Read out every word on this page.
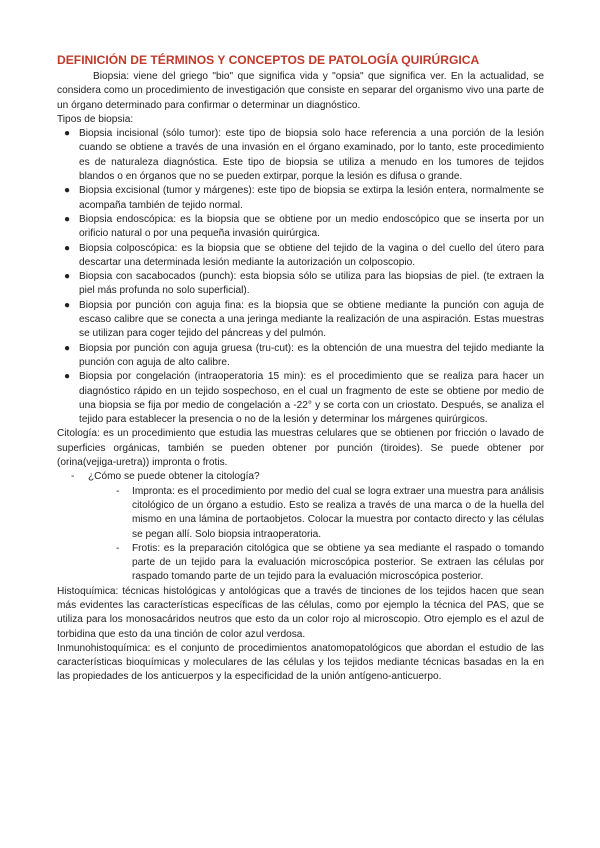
DEFINICIÓN DE TÉRMINOS Y CONCEPTOS DE PATOLOGÍA QUIRÚRGICA

Biopsia: viene del griego "bio" que significa vida y "opsia" que significa ver. En la actualidad, se considera como un procedimiento de investigación que consiste en separar del organismo vivo una parte de un órgano determinado para confirmar o determinar un diagnóstico.

Tipos de biopsia:

● Biopsia incisional (sólo tumor): este tipo de biopsia solo hace referencia a una porción de la lesión cuando se obtiene a través de una invasión en el órgano examinado, por lo tanto, este procedimiento es de naturaleza diagnóstica. Este tipo de biopsia se utiliza a menudo en los tumores de tejidos blandos o en órganos que no se pueden extirpar, porque la lesión es difusa o grande.
● Biopsia excisional (tumor y márgenes): este tipo de biopsia se extirpa la lesión entera, normalmente se acompaña también de tejido normal.
● Biopsia endoscópica: es la biopsia que se obtiene por un medio endoscópico que se inserta por un orificio natural o por una pequeña invasión quirúrgica.
● Biopsia colposcópica: es la biopsia que se obtiene del tejido de la vagina o del cuello del útero para descartar una determinada lesión mediante la autorización un colposcopio.
● Biopsia con sacabocados (punch): esta biopsia sólo se utiliza para las biopsias de piel. (te extraen la piel más profunda no solo superficial).
● Biopsia por punción con aguja fina: es la biopsia que se obtiene mediante la punción con aguja de escaso calibre que se conecta a una jeringa mediante la realización de una aspiración. Estas muestras se utilizan para coger tejido del páncreas y del pulmón.
● Biopsia por punción con aguja gruesa (tru-cut): es la obtención de una muestra del tejido mediante la punción con aguja de alto calibre.
● Biopsia por congelación (intraoperatoria 15 min): es el procedimiento que se realiza para hacer un diagnóstico rápido en un tejido sospechoso, en el cual un fragmento de este se obtiene por medio de una biopsia se fija por medio de congelación a -22° y se corta con un criostato. Después, se analiza el tejido para establecer la presencia o no de la lesión y determinar los márgenes quirúrgicos.

Citología: es un procedimiento que estudia las muestras celulares que se obtienen por fricción o lavado de superficies orgánicas, también se pueden obtener por punción (tiroides). Se puede obtener por (orina(vejiga-uretra)) impronta o frotis.

- ¿Cómo se puede obtener la citología?
- Impronta: es el procedimiento por medio del cual se logra extraer una muestra para análisis citológico de un órgano a estudio. Esto se realiza a través de una marca o de la huella del mismo en una lámina de portaobjetos. Colocar la muestra por contacto directo y las células se pegan allí. Solo biopsia intraoperatoria.
- Frotis: es la preparación citológica que se obtiene ya sea mediante el raspado o tomando parte de un tejido para la evaluación microscópica posterior. Se extraen las células por raspado tomando parte de un tejido para la evaluación microscópica posterior.

Histoquímica: técnicas histológicas y antológicas que a través de tinciones de los tejidos hacen que sean más evidentes las características específicas de las células, como por ejemplo la técnica del PAS, que se utiliza para los monosacáridos neutros que esto da un color rojo al microscopio. Otro ejemplo es el azul de torbidina que esto da una tinción de color azul verdosa.

Inmunohistoquímica: es el conjunto de procedimientos anatomopatológicos que abordan el estudio de las características bioquímicas y moleculares de las células y los tejidos mediante técnicas basadas en la en las propiedades de los anticuerpos y la especificidad de la unión antígeno-anticuerpo.
